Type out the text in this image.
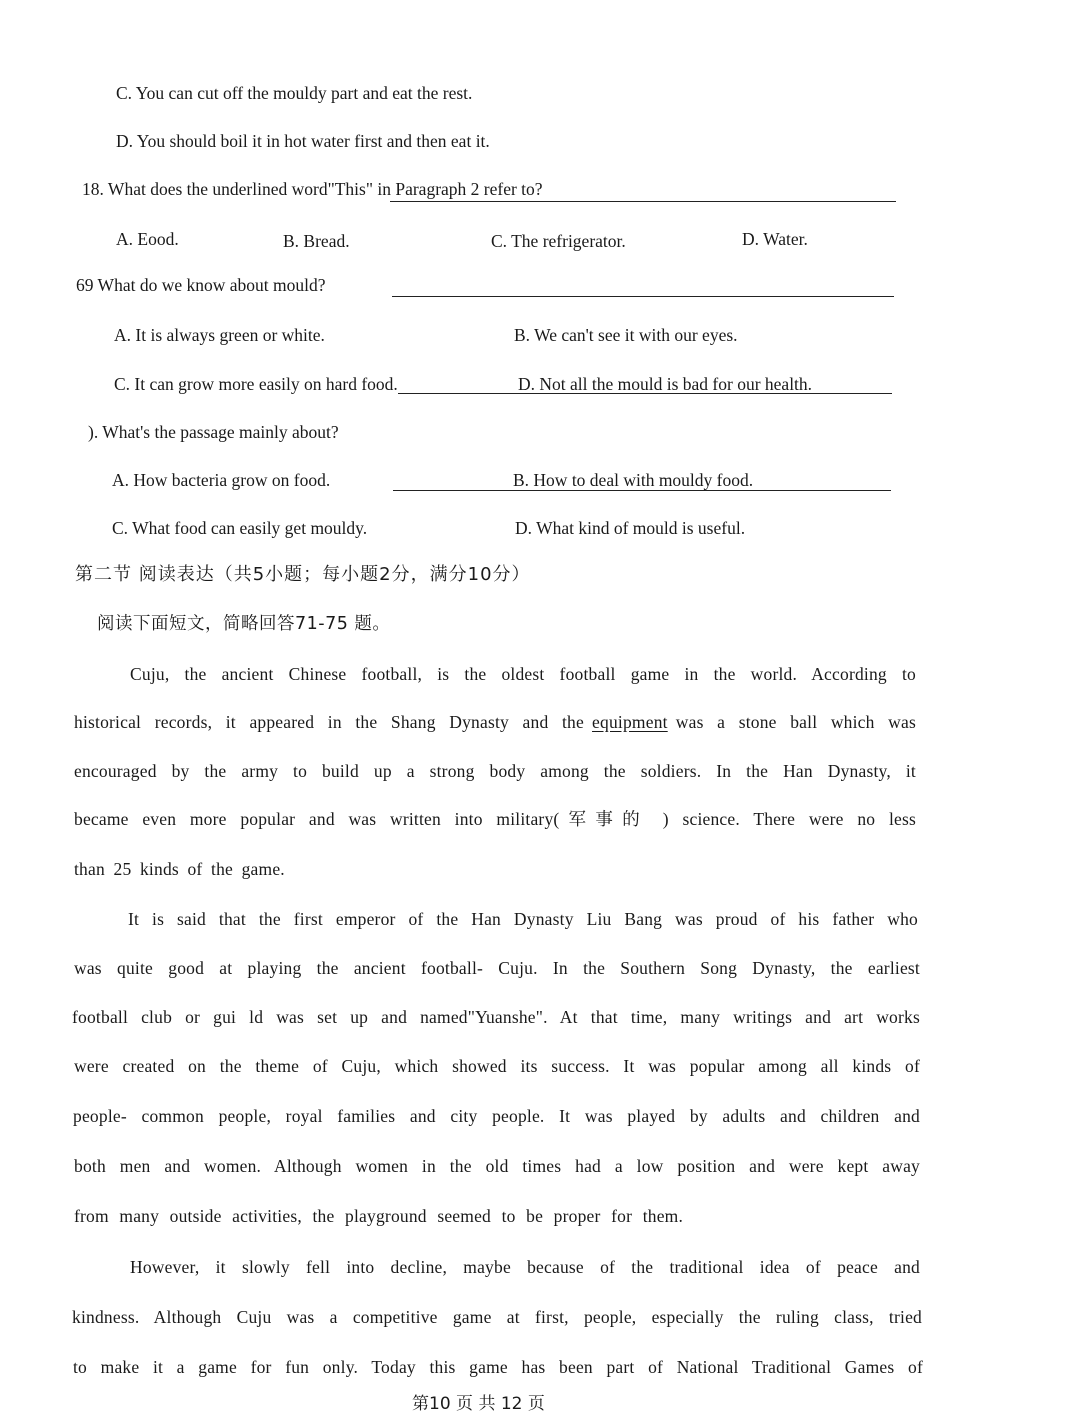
C. You can cut off the mouldy part and eat the rest.
D. You should boil it in hot water first and then eat it.
18. What does the underlined word"This" in Paragraph 2 refer to?
A. Eood.	B. Bread.	C. The refrigerator.	D. Water.
69 What do we know about mould?
A. It is always green or white.	B. We can't see it with our eyes.
C. It can grow more easily on hard food.	D. Not all the mould is bad for our health.
). What's the passage mainly about?
A. How bacteria grow on food.	B. How to deal with mouldy food.
C. What food can easily get mouldy.	D. What kind of mould is useful.
第二节 阅读表达（共5小题；每小题2分，满分10分）
阅读下面短文，简略回答71-75 题。
Cuju, the ancient Chinese football, is the oldest football game in the world. According to
historical records, it appeared in the Shang Dynasty and the equipment was a stone ball which was
encouraged by the army to build up a strong body among the soldiers. In the Han Dynasty, it
became even more popular and was written into military(军事的 ) science. There were no less
than 25 kinds of the game.
It is said that the first emperor of the Han Dynasty Liu Bang was proud of his father who
was quite good at playing the ancient football- Cuju. In the Southern Song Dynasty, the earliest
football club or gui ld was set up and named"Yuanshe". At that time, many writings and art works
were created on the theme of Cuju, which showed its success. It was popular among all kinds of
people- common people, royal families and city people. It was played by adults and children and
both men and women. Although women in the old times had a low position and were kept away
from many outside activities, the playground seemed to be proper for them.
However, it slowly fell into decline, maybe because of the traditional idea of peace and
kindness. Although Cuju was a competitive game at first, people, especially the ruling class, tried
to make it a game for fun only. Today this game has been part of National Traditional Games of
第10 页 共 12 页
